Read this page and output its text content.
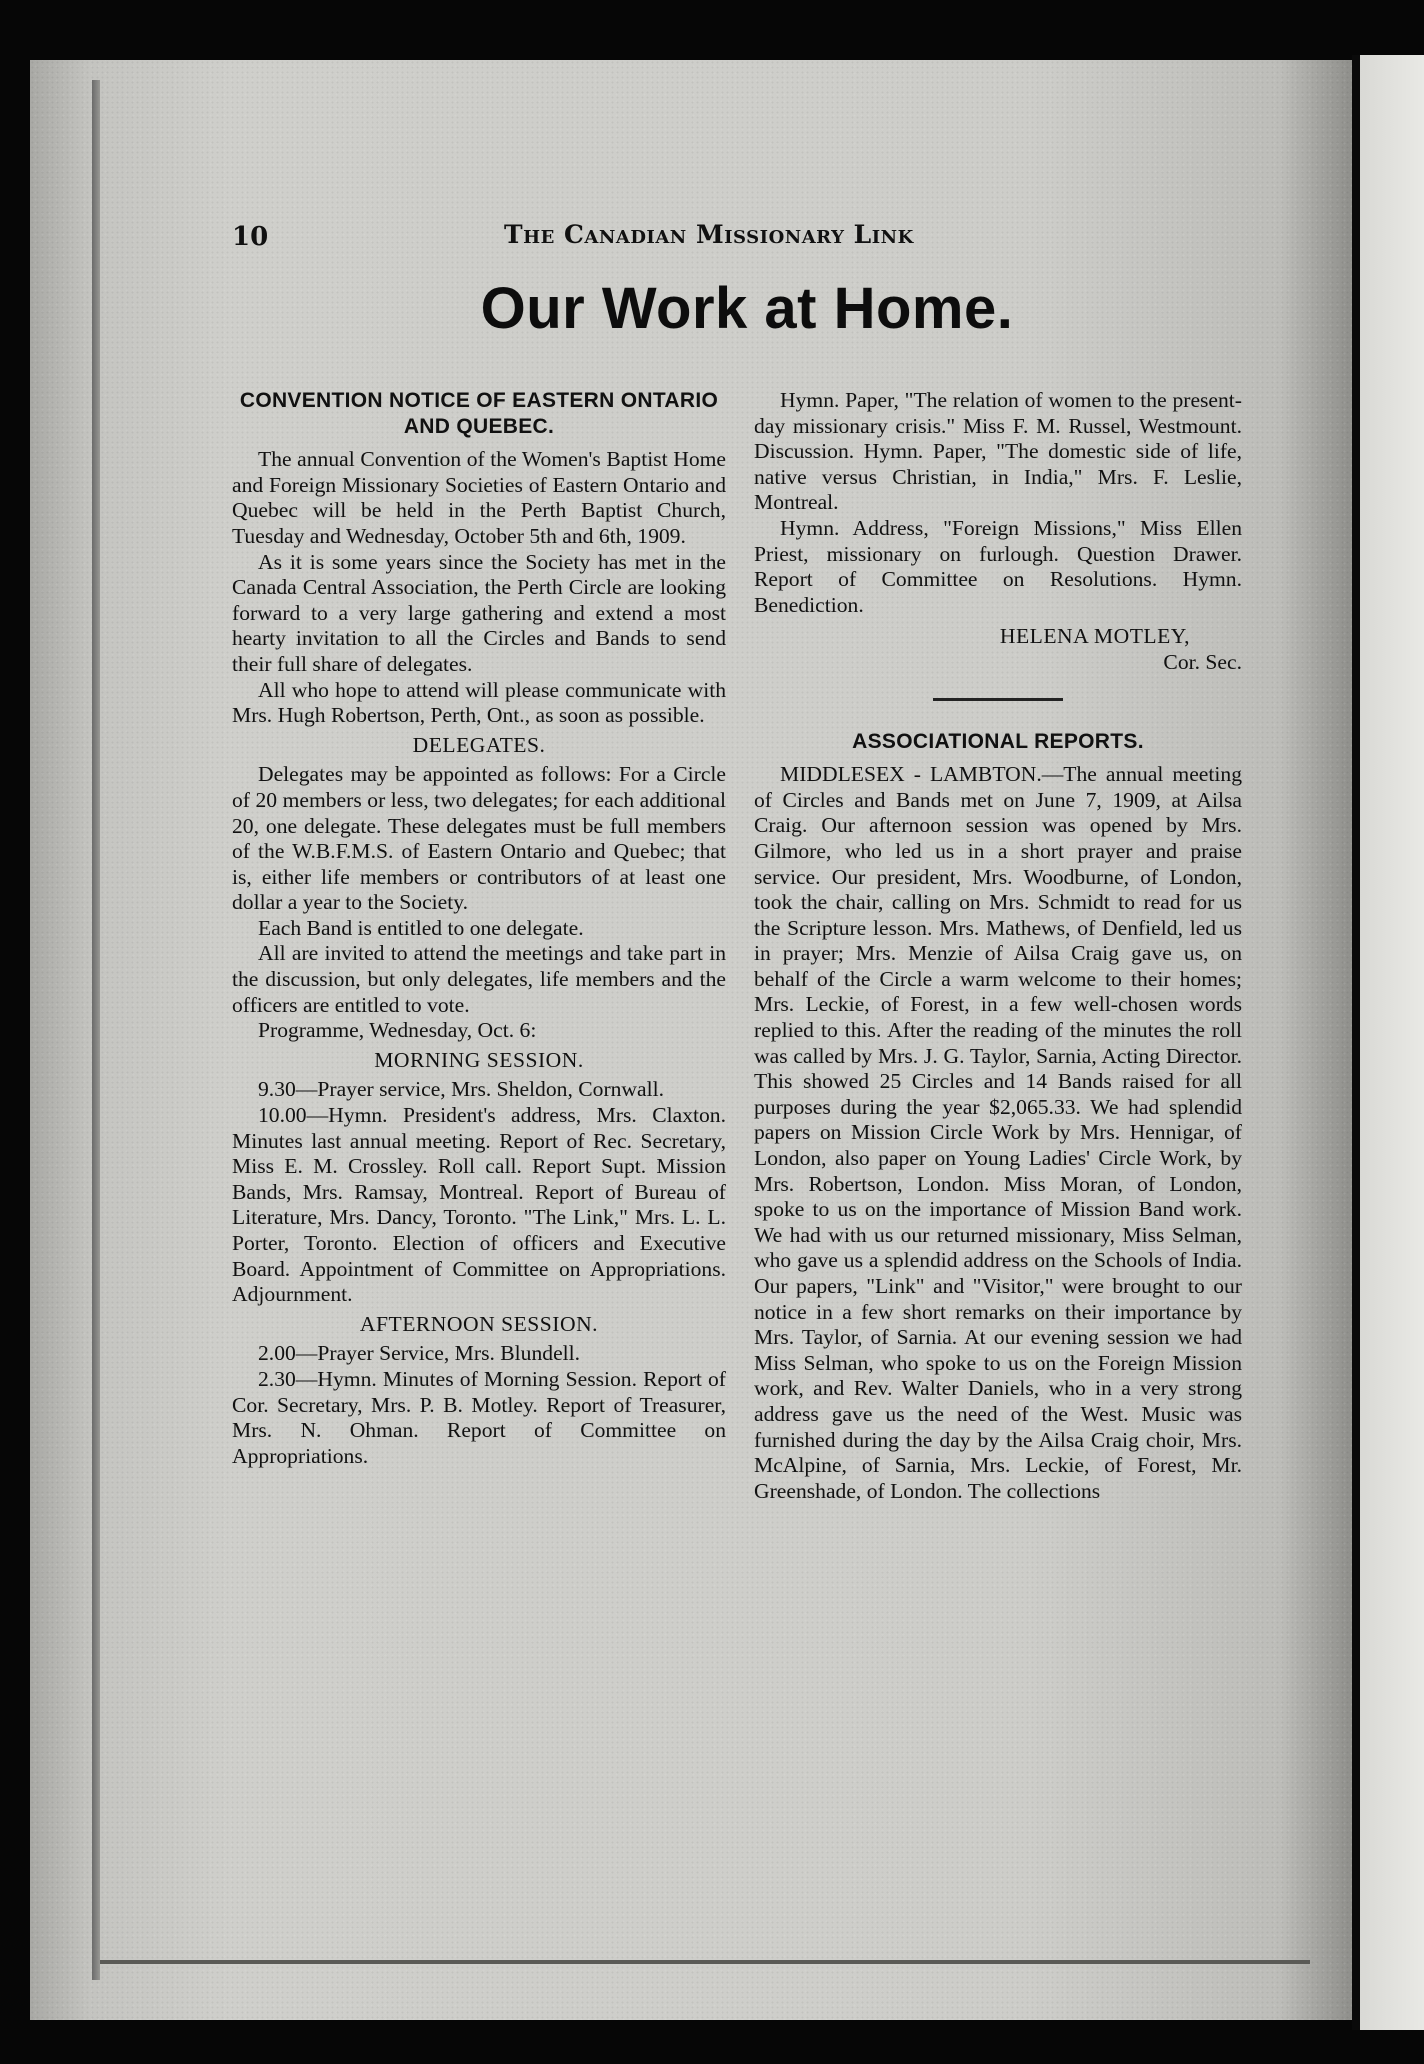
10	The Canadian Missionary Link
Our Work at Home.
CONVENTION NOTICE OF EASTERN ONTARIO AND QUEBEC.

The annual Convention of the Women's Baptist Home and Foreign Missionary Societies of Eastern Ontario and Quebec will be held in the Perth Baptist Church, Tuesday and Wednesday, October 5th and 6th, 1909.

As it is some years since the Society has met in the Canada Central Association, the Perth Circle are looking forward to a very large gathering and extend a most hearty invitation to all the Circles and Bands to send their full share of delegates.

All who hope to attend will please communicate with Mrs. Hugh Robertson, Perth, Ont., as soon as possible.

DELEGATES.

Delegates may be appointed as follows: For a Circle of 20 members or less, two delegates; for each additional 20, one delegate. These delegates must be full members of the W.B.F.M.S. of Eastern Ontario and Quebec; that is, either life members or contributors of at least one dollar a year to the Society.

Each Band is entitled to one delegate.

All are invited to attend the meetings and take part in the discussion, but only delegates, life members and the officers are entitled to vote.

Programme, Wednesday, Oct. 6:

MORNING SESSION.

9.30—Prayer service, Mrs. Sheldon, Cornwall.

10.00—Hymn. President's address, Mrs. Claxton. Minutes last annual meeting. Report of Rec. Secretary, Miss E. M. Crossley. Roll call. Report Supt. Mission Bands, Mrs. Ramsay, Montreal. Report of Bureau of Literature, Mrs. Dancy, Toronto. "The Link," Mrs. L. L. Porter, Toronto. Election of officers and Executive Board. Appointment of Committee on Appropriations. Adjournment.

AFTERNOON SESSION.

2.00—Prayer Service, Mrs. Blundell.

2.30—Hymn. Minutes of Morning Session. Report of Cor. Secretary, Mrs. P. B. Motley. Report of Treasurer, Mrs. N. Ohman. Report of Committee on Appropriations.

Hymn. Paper, "The relation of women to the present-day missionary crisis." Miss F. M. Russel, Westmount. Discussion. Hymn. Paper, "The domestic side of life, native versus Christian, in India," Mrs. F. Leslie, Montreal.

Hymn. Address, "Foreign Missions," Miss Ellen Priest, missionary on furlough. Question Drawer. Report of Committee on Resolutions. Hymn. Benediction.

HELENA MOTLEY,
Cor. Sec.
ASSOCIATIONAL REPORTS.

MIDDLESEX - LAMBTON.—The annual meeting of Circles and Bands met on June 7, 1909, at Ailsa Craig. Our afternoon session was opened by Mrs. Gilmore, who led us in a short prayer and praise service. Our president, Mrs. Woodburne, of London, took the chair, calling on Mrs. Schmidt to read for us the Scripture lesson. Mrs. Mathews, of Denfield, led us in prayer; Mrs. Menzie of Ailsa Craig gave us, on behalf of the Circle a warm welcome to their homes; Mrs. Leckie, of Forest, in a few well-chosen words replied to this. After the reading of the minutes the roll was called by Mrs. J. G. Taylor, Sarnia, Acting Director. This showed 25 Circles and 14 Bands raised for all purposes during the year $2,065.33. We had splendid papers on Mission Circle Work by Mrs. Hennigar, of London, also paper on Young Ladies' Circle Work, by Mrs. Robertson, London. Miss Moran, of London, spoke to us on the importance of Mission Band work. We had with us our returned missionary, Miss Selman, who gave us a splendid address on the Schools of India. Our papers, "Link" and "Visitor," were brought to our notice in a few short remarks on their importance by Mrs. Taylor, of Sarnia. At our evening session we had Miss Selman, who spoke to us on the Foreign Mission work, and Rev. Walter Daniels, who in a very strong address gave us the need of the West. Music was furnished during the day by the Ailsa Craig choir, Mrs. McAlpine, of Sarnia, Mrs. Leckie, of Forest, Mr. Greenshade, of London. The collections
